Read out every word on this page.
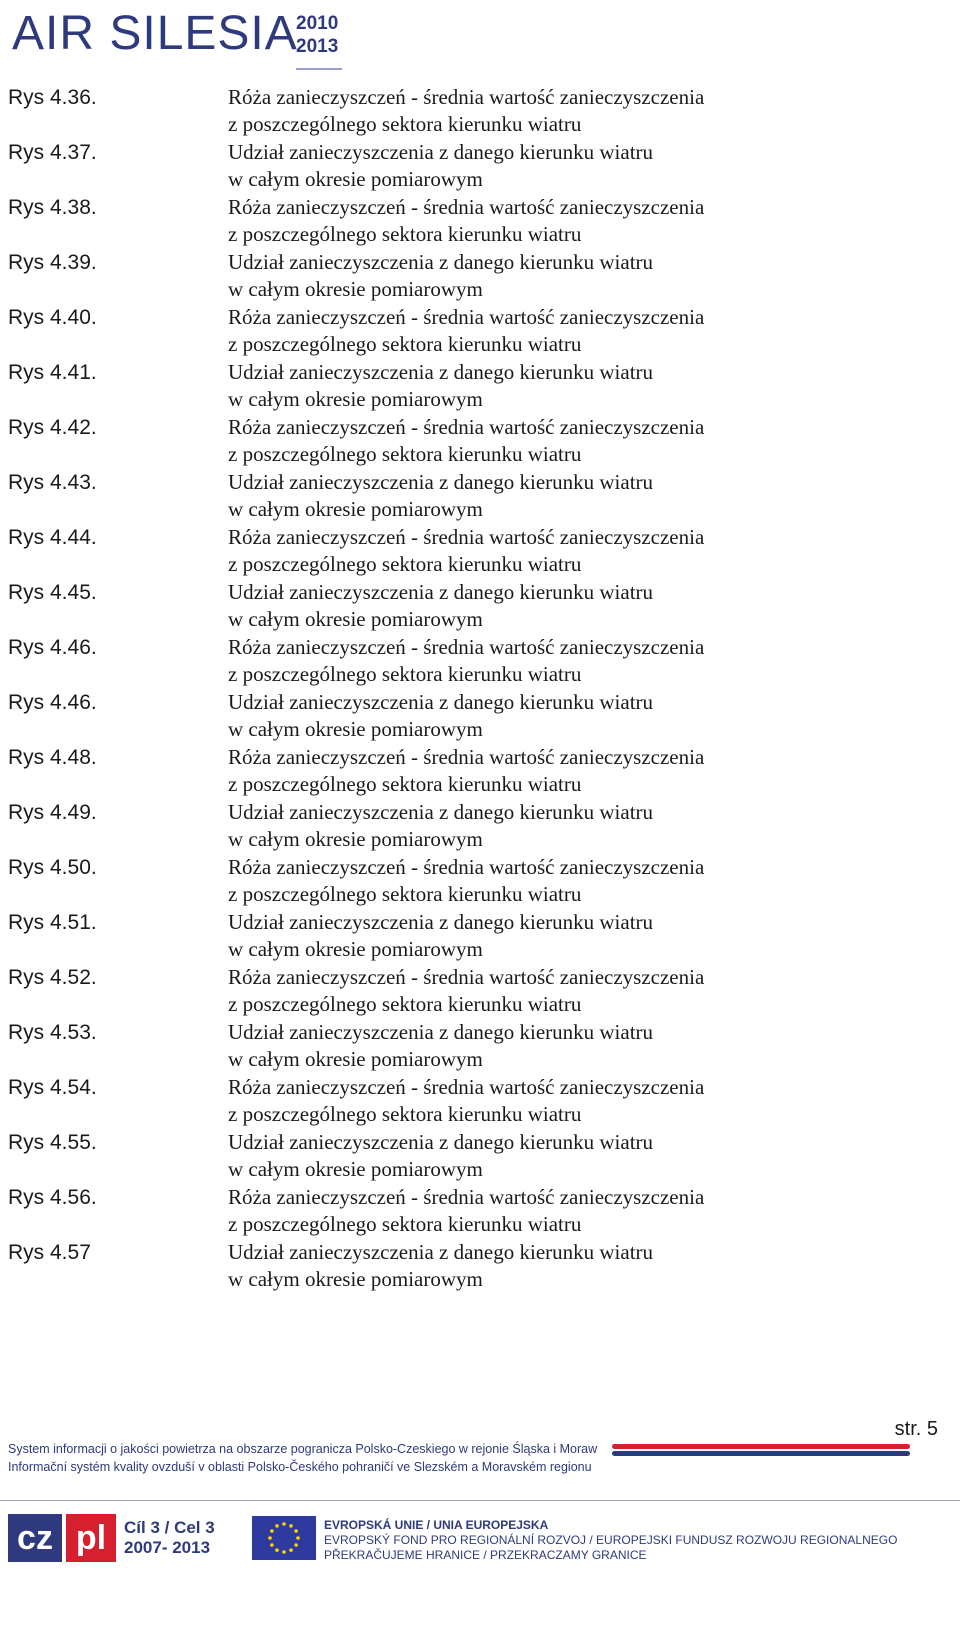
AIR SILESIA
2010
2013
Rys 4.36.	Róża zanieczyszczeń - średnia wartość zanieczyszczenia
z poszczególnego sektora kierunku wiatru
Rys 4.37.	Udział zanieczyszczenia z danego kierunku wiatru
w całym okresie pomiarowym
Rys 4.38.	Róża zanieczyszczeń - średnia wartość zanieczyszczenia
z poszczególnego sektora kierunku wiatru
Rys 4.39.	Udział zanieczyszczenia z danego kierunku wiatru
w całym okresie pomiarowym
Rys 4.40.	Róża zanieczyszczeń - średnia wartość zanieczyszczenia
z poszczególnego sektora kierunku wiatru
Rys 4.41.	Udział zanieczyszczenia z danego kierunku wiatru
w całym okresie pomiarowym
Rys 4.42.	Róża zanieczyszczeń - średnia wartość zanieczyszczenia
z poszczególnego sektora kierunku wiatru
Rys 4.43.	Udział zanieczyszczenia z danego kierunku wiatru
w całym okresie pomiarowym
Rys 4.44.	Róża zanieczyszczeń - średnia wartość zanieczyszczenia
z poszczególnego sektora kierunku wiatru
Rys 4.45.	Udział zanieczyszczenia z danego kierunku wiatru
w całym okresie pomiarowym
Rys 4.46.	Róża zanieczyszczeń - średnia wartość zanieczyszczenia
z poszczególnego sektora kierunku wiatru
Rys 4.46.	Udział zanieczyszczenia z danego kierunku wiatru
w całym okresie pomiarowym
Rys 4.48.	Róża zanieczyszczeń - średnia wartość zanieczyszczenia
z poszczególnego sektora kierunku wiatru
Rys 4.49.	Udział zanieczyszczenia z danego kierunku wiatru
w całym okresie pomiarowym
Rys 4.50.	Róża zanieczyszczeń - średnia wartość zanieczyszczenia
z poszczególnego sektora kierunku wiatru
Rys 4.51.	Udział zanieczyszczenia z danego kierunku wiatru
w całym okresie pomiarowym
Rys 4.52.	Róża zanieczyszczeń - średnia wartość zanieczyszczenia
z poszczególnego sektora kierunku wiatru
Rys 4.53.	Udział zanieczyszczenia z danego kierunku wiatru
w całym okresie pomiarowym
Rys 4.54.	Róża zanieczyszczeń - średnia wartość zanieczyszczenia
z poszczególnego sektora kierunku wiatru
Rys 4.55.	Udział zanieczyszczenia z danego kierunku wiatru
w całym okresie pomiarowym
Rys 4.56.	Róża zanieczyszczeń - średnia wartość zanieczyszczenia
z poszczególnego sektora kierunku wiatru
Rys 4.57	Udział zanieczyszczenia z danego kierunku wiatru
w całym okresie pomiarowym
System informacji o jakości powietrza na obszarze pogranicza Polsko-Czeskiego w rejonie Śląska i Moraw
Informační systém kvality ovzduší v oblasti Polsko-Českého pohraničí ve Slezském a Moravském regionu
str. 5
cz pl	Cíl 3 / Cel 3
2007- 2013
EVROPSKÁ UNIE / UNIA EUROPEJSKA
EVROPSKÝ FOND PRO REGIONÁLNÍ ROZVOJ / EUROPEJSKI FUNDUSZ ROZWOJU REGIONALNEGO
PŘEKRAČUJEME HRANICE / PRZEKRACZAMY GRANICE
